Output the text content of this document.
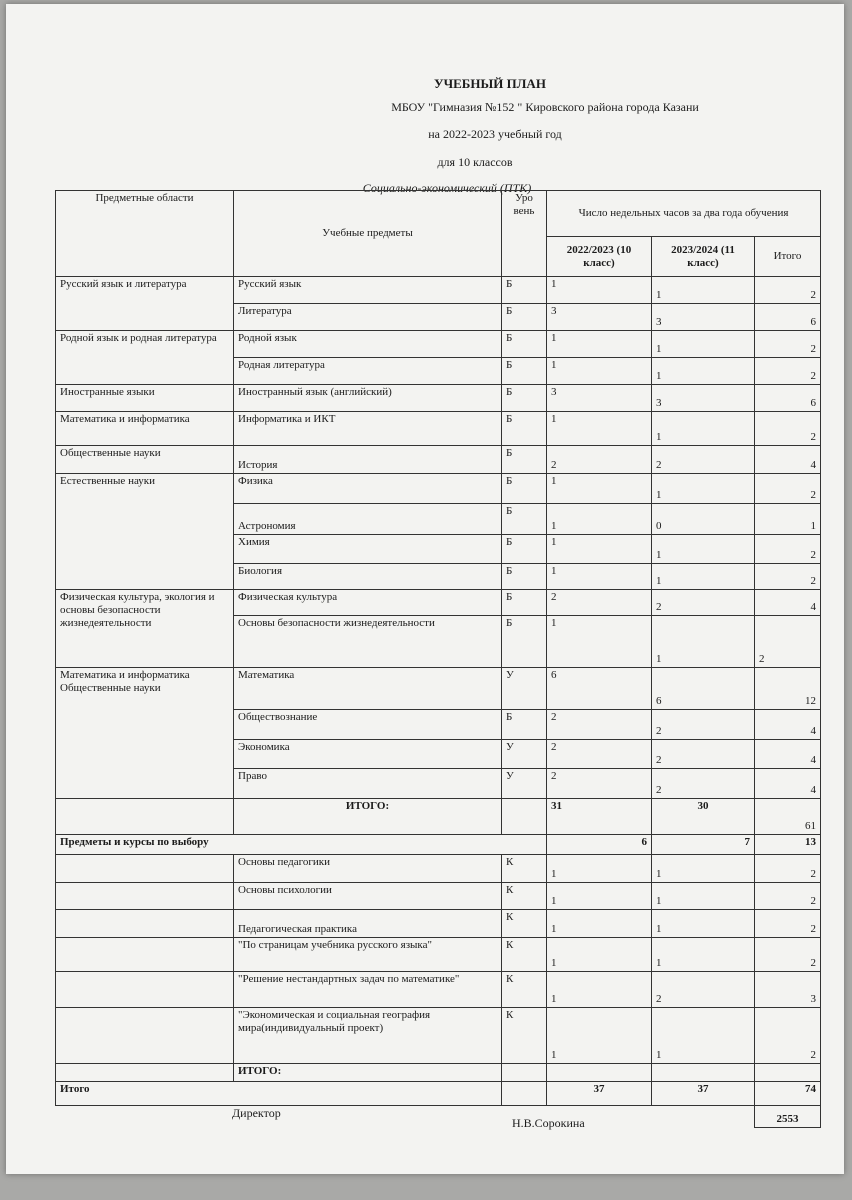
УЧЕБНЫЙ ПЛАН
МБОУ "Гимназия №152 " Кировского района города Казани
на 2022-2023 учебный год
для 10 классов
Социально-экономический (ПТК)
Предметные области	Учебные предметы	Уро вень	Число недельных часов за два года обучения		
			2022/2023 (10 класс)	2023/2024 (11 класс)	Итого
Русский язык и литература	Русский язык	Б	1	1	2
	Литература	Б	3	3	6
Родной язык и родная литература	Родной язык	Б	1	1	2
	Родная литература	Б	1	1	2
Иностранные языки	Иностранный язык (английский)	Б	3	3	6
Математика и информатика	Информатика и ИКТ	Б	1	1	2
Общественные науки	История	Б	2	2	4
Естественные науки	Физика	Б	1	1	2
	Астрономия	Б	1	0	1
	Химия	Б	1	1	2
	Биология	Б	1	1	2
Физическая культура, экология и основы безопасности жизнедеятельности	Физическая культура	Б	2	2	4
	Основы безопасности жизнедеятельности	Б	1	1	2
Математика и информатика Общественные науки	Математика	У	6	6	12
	Обществознание	Б	2	2	4
	Экономика	У	2	2	4
	Право	У	2	2	4
	ИТОГО:		31	30	61
Предметы и курсы по выбору			6	7	13
	Основы педагогики	К	1	1	2
	Основы психологии	К	1	1	2
	Педагогическая практика	К	1	1	2
	"По страницам учебника русского языка"	К	1	1	2
	"Решение нестандартных задач по математике"	К	1	2	3
	"Экономическая и социальная география мира(индивидуальный проект)	К	1	1	2
	ИТОГО:				
Итого			37	37	74
					2553
Директор
Н.В.Сорокина
